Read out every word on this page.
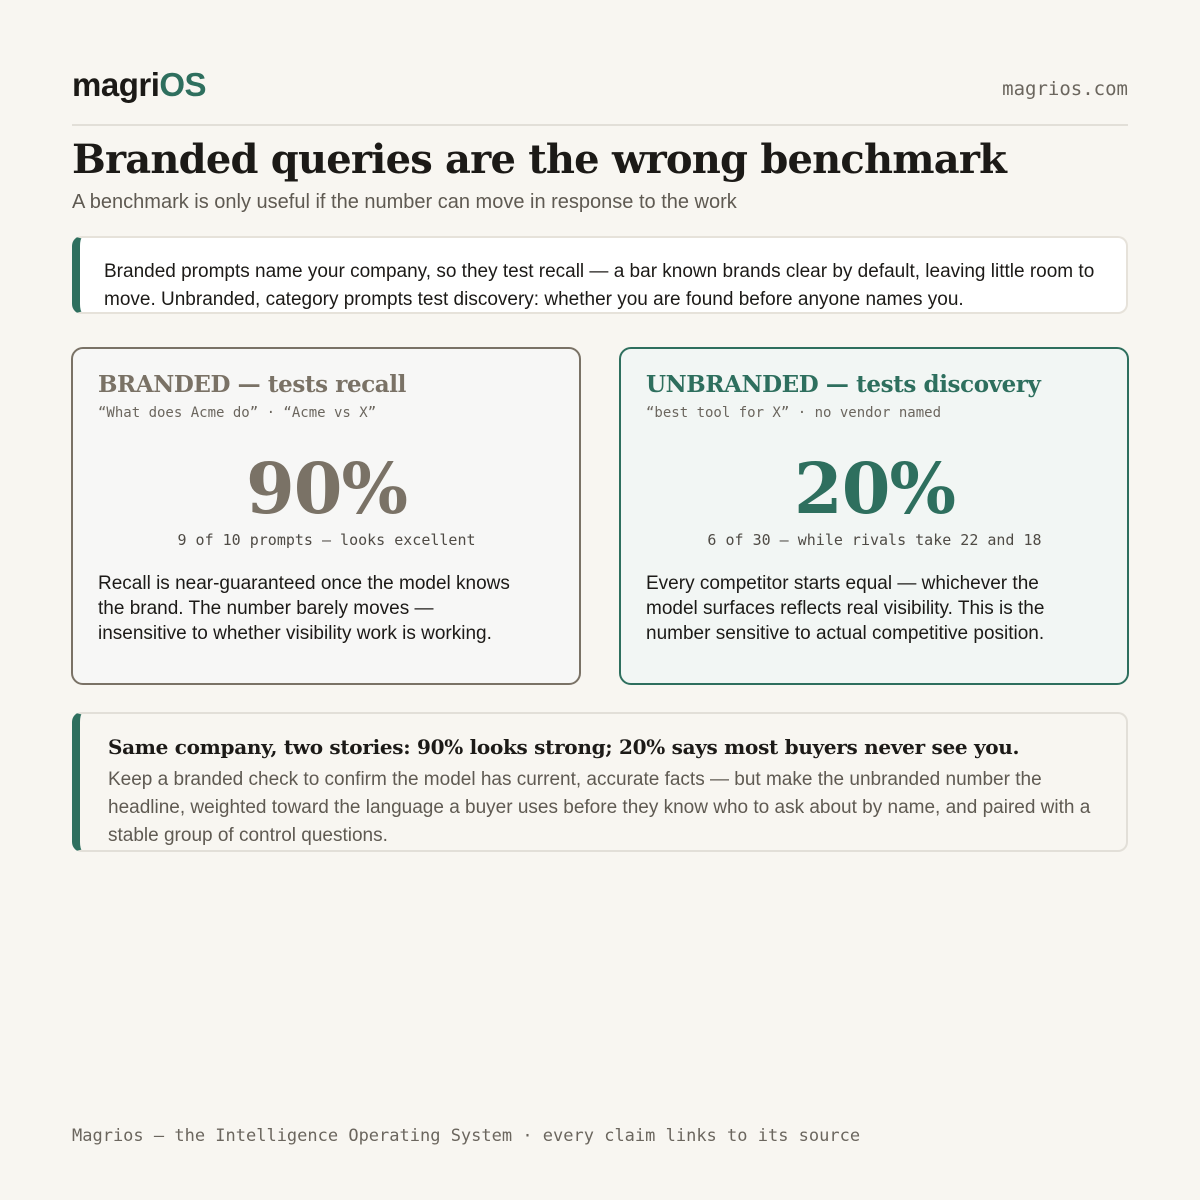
magriOS	magrios.com
Branded queries are the wrong benchmark
A benchmark is only useful if the number can move in response to the work
Branded prompts name your company, so they test recall — a bar known brands clear by default, leaving little room to move. Unbranded, category prompts test discovery: whether you are found before anyone names you.
BRANDED — tests recall
“What does Acme do” · “Acme vs X”
90%
9 of 10 prompts — looks excellent
Recall is near-guaranteed once the model knows the brand. The number barely moves — insensitive to whether visibility work is working.
UNBRANDED — tests discovery
“best tool for X” · no vendor named
20%
6 of 30 — while rivals take 22 and 18
Every competitor starts equal — whichever the model surfaces reflects real visibility. This is the number sensitive to actual competitive position.
Same company, two stories: 90% looks strong; 20% says most buyers never see you.
Keep a branded check to confirm the model has current, accurate facts — but make the unbranded number the headline, weighted toward the language a buyer uses before they know who to ask about by name, and paired with a stable group of control questions.
Magrios — the Intelligence Operating System · every claim links to its source
